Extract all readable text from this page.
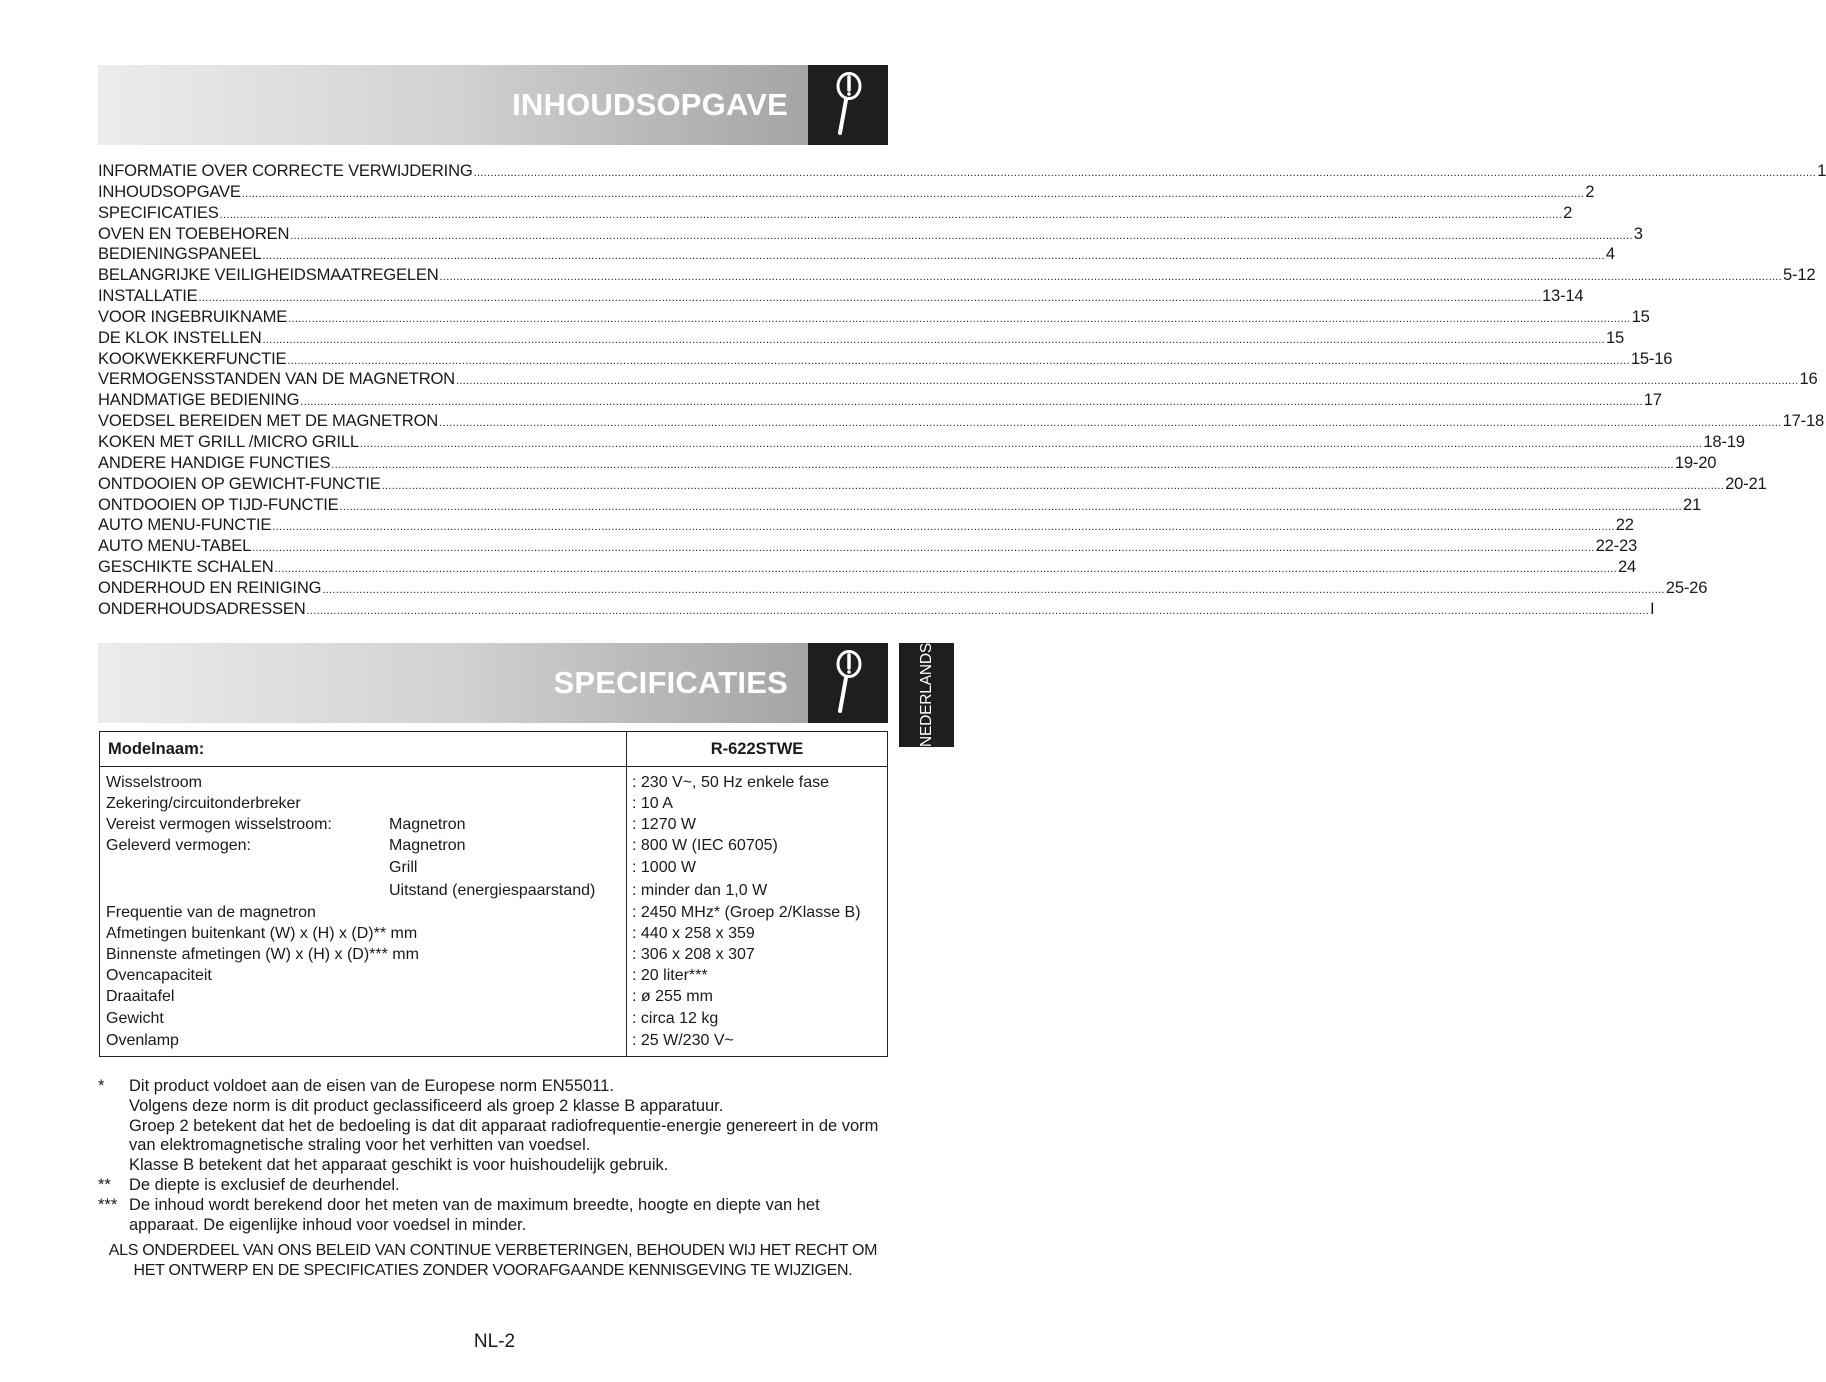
INHOUDSOPGAVE
INFORMATIE OVER CORRECTE VERWIJDERING ................................................................................................................................................................................................................................................................................................................................................................................................................ 1
INHOUDSOPGAVE ................................................................................................................................................................................................................................................................................................................................................................................................................ 2
SPECIFICATIES ................................................................................................................................................................................................................................................................................................................................................................................................................ 2
OVEN EN TOEBEHOREN ................................................................................................................................................................................................................................................................................................................................................................................................................ 3
BEDIENINGSPANEEL ................................................................................................................................................................................................................................................................................................................................................................................................................ 4
BELANGRIJKE VEILIGHEIDSMAATREGELEN ................................................................................................................................................................................................................................................................................................................................................................................................................ 5-12
INSTALLATIE ................................................................................................................................................................................................................................................................................................................................................................................................................ 13-14
VOOR INGEBRUIKNAME ................................................................................................................................................................................................................................................................................................................................................................................................................ 15
DE KLOK INSTELLEN ................................................................................................................................................................................................................................................................................................................................................................................................................ 15
KOOKWEKKERFUNCTIE ................................................................................................................................................................................................................................................................................................................................................................................................................ 15-16
VERMOGENSSTANDEN VAN DE MAGNETRON ................................................................................................................................................................................................................................................................................................................................................................................................................ 16
HANDMATIGE BEDIENING ................................................................................................................................................................................................................................................................................................................................................................................................................ 17
VOEDSEL BEREIDEN MET DE MAGNETRON ................................................................................................................................................................................................................................................................................................................................................................................................................ 17-18
KOKEN MET GRILL /MICRO GRILL ................................................................................................................................................................................................................................................................................................................................................................................................................ 18-19
ANDERE HANDIGE FUNCTIES ................................................................................................................................................................................................................................................................................................................................................................................................................ 19-20
ONTDOOIEN OP GEWICHT-FUNCTIE ................................................................................................................................................................................................................................................................................................................................................................................................................ 20-21
ONTDOOIEN OP TIJD-FUNCTIE ................................................................................................................................................................................................................................................................................................................................................................................................................ 21
AUTO MENU-FUNCTIE ................................................................................................................................................................................................................................................................................................................................................................................................................ 22
AUTO MENU-TABEL ................................................................................................................................................................................................................................................................................................................................................................................................................ 22-23
GESCHIKTE SCHALEN ................................................................................................................................................................................................................................................................................................................................................................................................................ 24
ONDERHOUD EN REINIGING ................................................................................................................................................................................................................................................................................................................................................................................................................ 25-26
ONDERHOUDSADRESSEN ................................................................................................................................................................................................................................................................................................................................................................................................................ I
SPECIFICATIES	NEDERLANDS
Modelnaam:	R-622STWE
Wisselstroom	: 230 V~, 50 Hz enkele fase
Zekering/circuitonderbreker	: 10 A
Vereist vermogen wisselstroom:	Magnetron	: 1270 W
Geleverd vermogen:	Magnetron	: 800 W (IEC 60705)
Grill	: 1000 W
Uitstand (energiespaarstand) : minder dan 1,0 W
Frequentie van de magnetron	: 2450 MHz* (Groep 2/Klasse B)
Afmetingen buitenkant (W) x (H) x (D)** mm	: 440 x 258 x 359
Binnenste afmetingen (W) x (H) x (D)*** mm	: 306 x 208 x 307
Ovencapaciteit	: 20 liter***
Draaitafel	: ø 255 mm
Gewicht	: circa 12 kg
Ovenlamp	: 25 W/230 V~
* Dit product voldoet aan de eisen van de Europese norm EN55011.
Volgens deze norm is dit product geclassificeerd als groep 2 klasse B apparatuur.
Groep 2 betekent dat het de bedoeling is dat dit apparaat radiofrequentie-energie genereert in de vorm van elektromagnetische straling voor het verhitten van voedsel.
Klasse B betekent dat het apparaat geschikt is voor huishoudelijk gebruik.
** De diepte is exclusief de deurhendel.
*** De inhoud wordt berekend door het meten van de maximum breedte, hoogte en diepte van het apparaat. De eigenlijke inhoud voor voedsel in minder.
ALS ONDERDEEL VAN ONS BELEID VAN CONTINUE VERBETERINGEN, BEHOUDEN WIJ HET RECHT OM HET ONTWERP EN DE SPECIFICATIES ZONDER VOORAFGAANDE KENNISGEVING TE WIJZIGEN.
NL-2
